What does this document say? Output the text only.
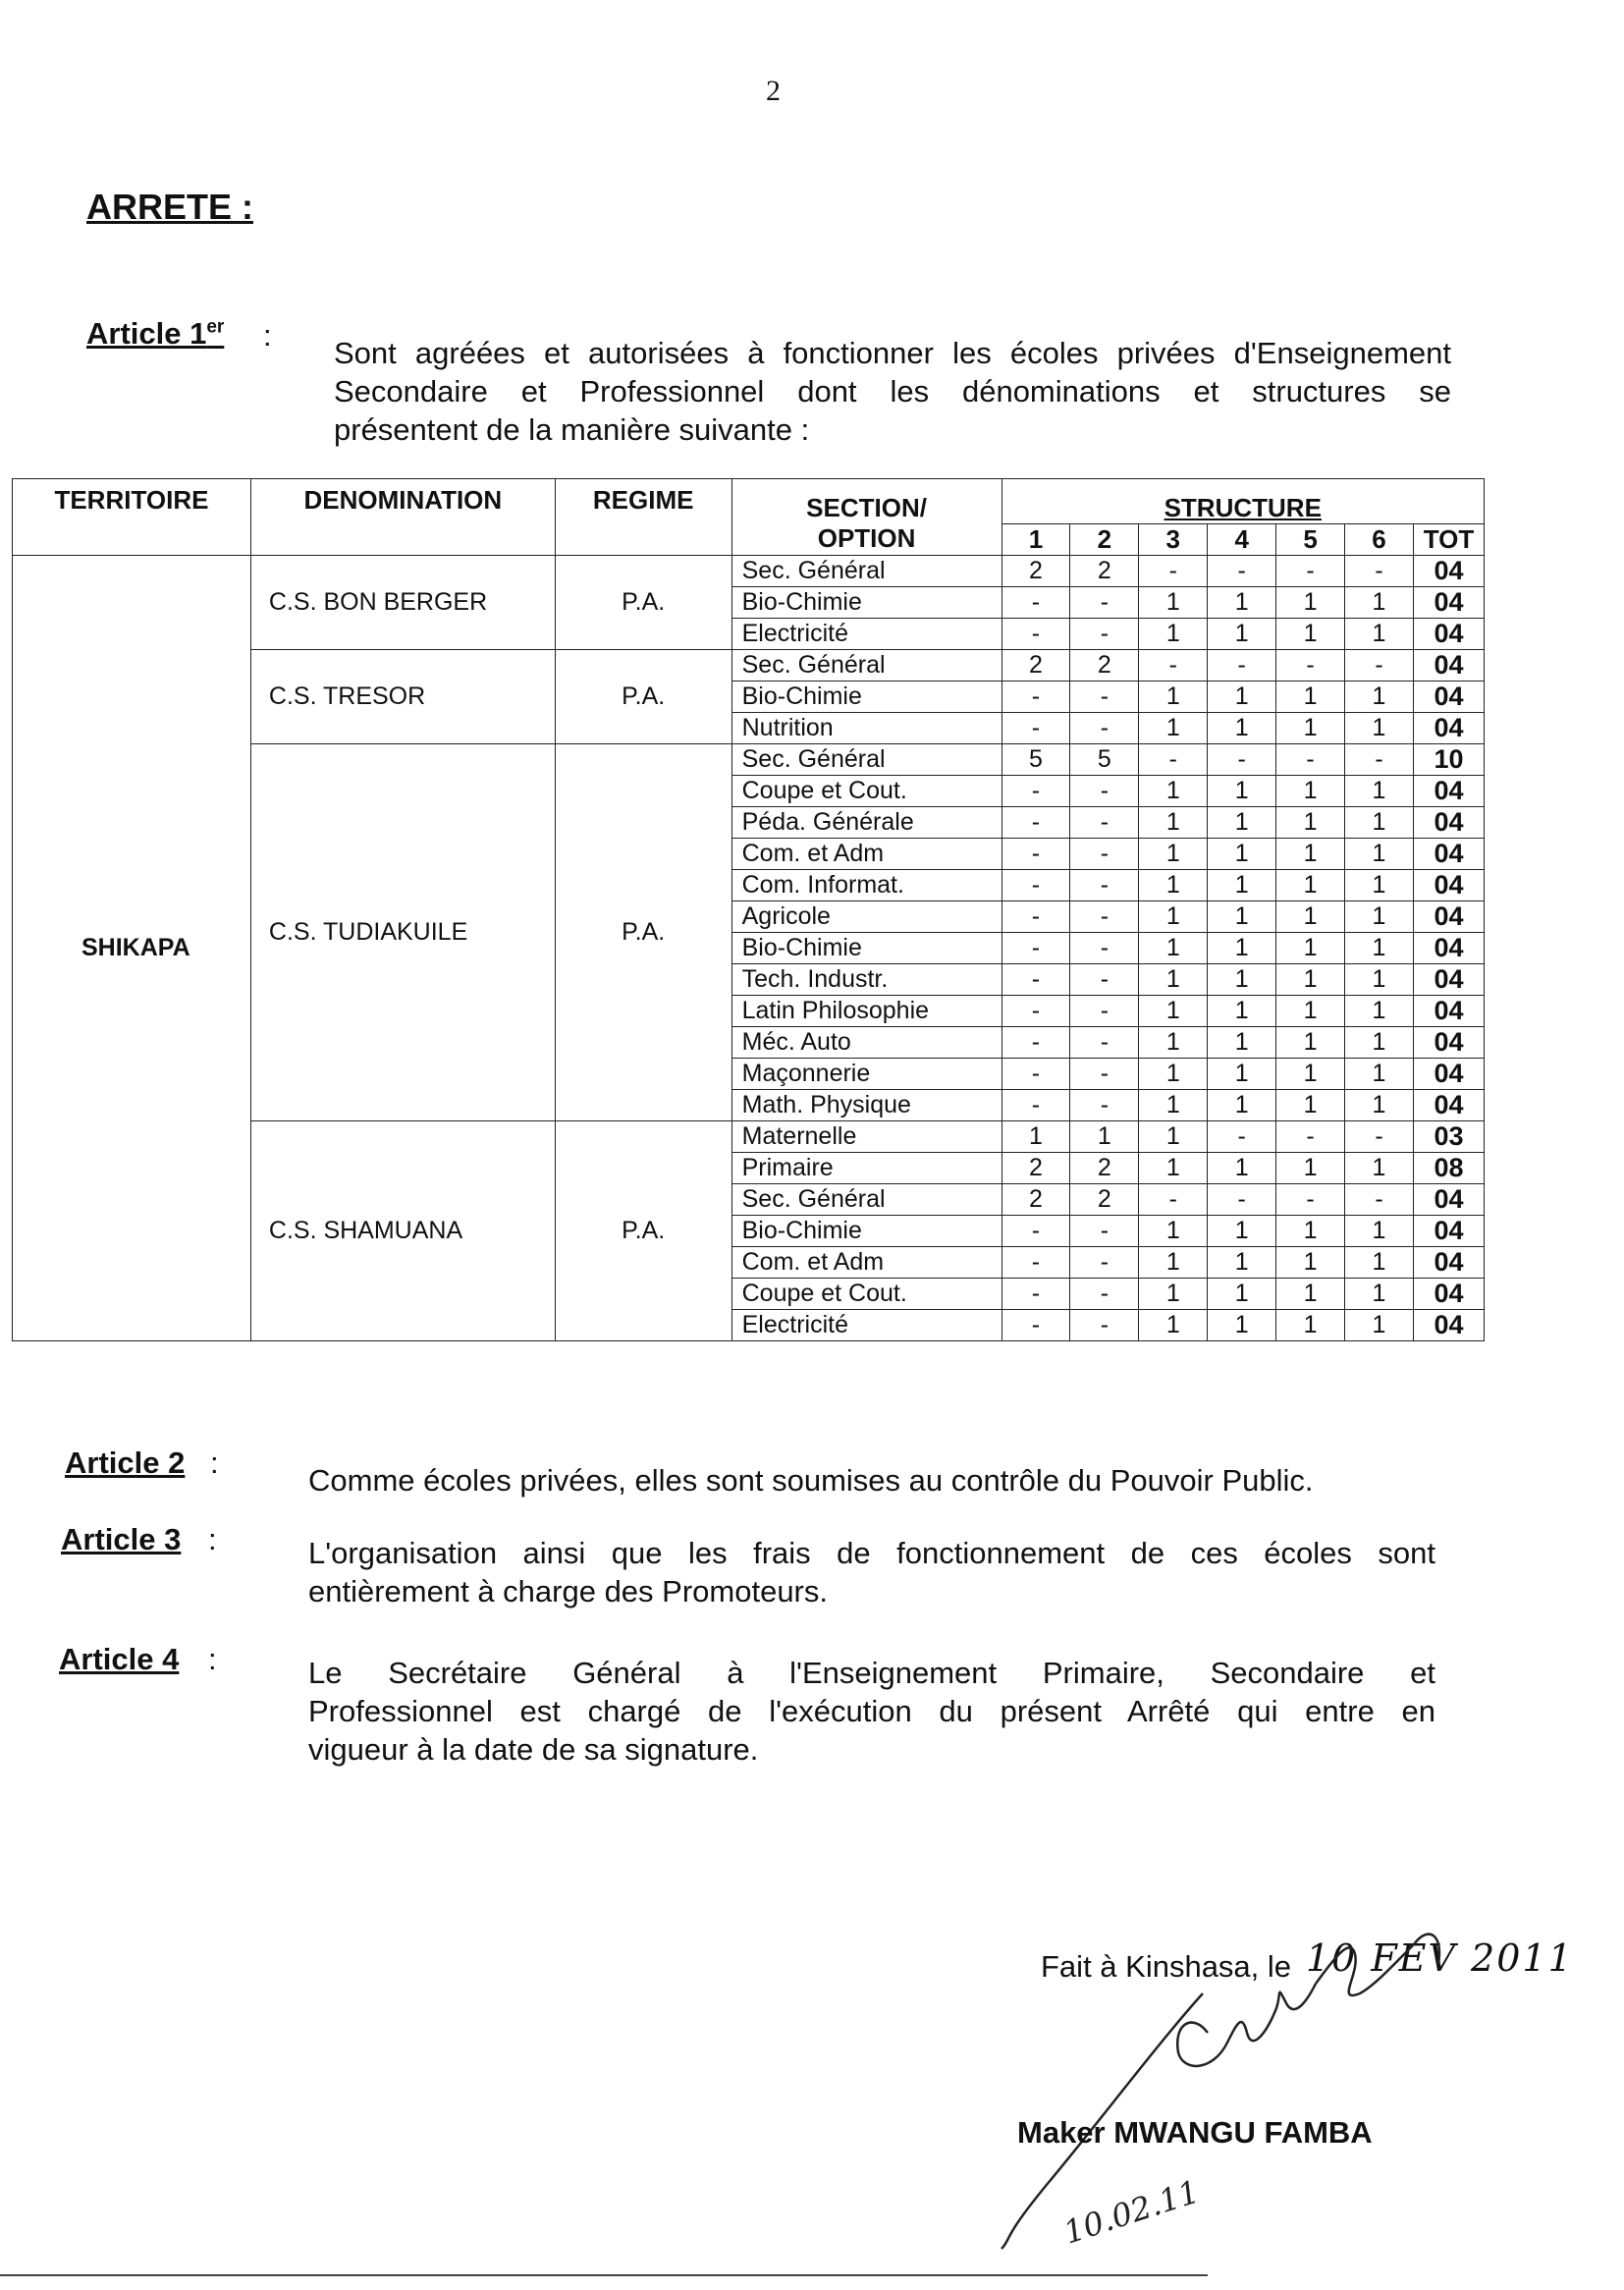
2
ARRETE :
Article 1er :
Sont agréées et autorisées à fonctionner les écoles privées d'Enseignement
Secondaire et Professionnel dont les dénominations et structures se
présentent de la manière suivante :
TERRITOIRE	DENOMINATION	REGIME	SECTION/
OPTION	STRUCTURE						
				1	2	3	4	5	6	TOT
SHIKAPA	C.S. BON BERGER	P.A.	Sec. Général	2	2	-	-	-	-	04
			Bio-Chimie	-	-	1	1	1	1	04
			Electricité	-	-	1	1	1	1	04
	C.S. TRESOR	P.A.	Sec. Général	2	2	-	-	-	-	04
			Bio-Chimie	-	-	1	1	1	1	04
			Nutrition	-	-	1	1	1	1	04
	C.S. TUDIAKUILE	P.A.	Sec. Général	5	5	-	-	-	-	10
			Coupe et Cout.	-	-	1	1	1	1	04
			Péda. Générale	-	-	1	1	1	1	04
			Com. et Adm	-	-	1	1	1	1	04
			Com. Informat.	-	-	1	1	1	1	04
			Agricole	-	-	1	1	1	1	04
			Bio-Chimie	-	-	1	1	1	1	04
			Tech. Industr.	-	-	1	1	1	1	04
			Latin Philosophie	-	-	1	1	1	1	04
			Méc. Auto	-	-	1	1	1	1	04
			Maçonnerie	-	-	1	1	1	1	04
			Math. Physique	-	-	1	1	1	1	04
	C.S. SHAMUANA	P.A.	Maternelle	1	1	1	-	-	-	03
			Primaire	2	2	1	1	1	1	08
			Sec. Général	2	2	-	-	-	-	04
			Bio-Chimie	-	-	1	1	1	1	04
			Com. et Adm	-	-	1	1	1	1	04
			Coupe et Cout.	-	-	1	1	1	1	04
			Electricité	-	-	1	1	1	1	04
Article 2 :
Comme écoles privées, elles sont soumises au contrôle du Pouvoir Public.
Article 3 :	L'organisation ainsi que les frais de fonctionnement de ces écoles sont
entièrement à charge des Promoteurs.
Article 4 :	Le Secrétaire Général à l'Enseignement Primaire, Secondaire et
Professionnel est chargé de l'exécution du présent Arrêté qui entre en
vigueur à la date de sa signature.
Fait à Kinshasa, le 10 FEV 2011
10.02.11
Maker MWANGU FAMBA
